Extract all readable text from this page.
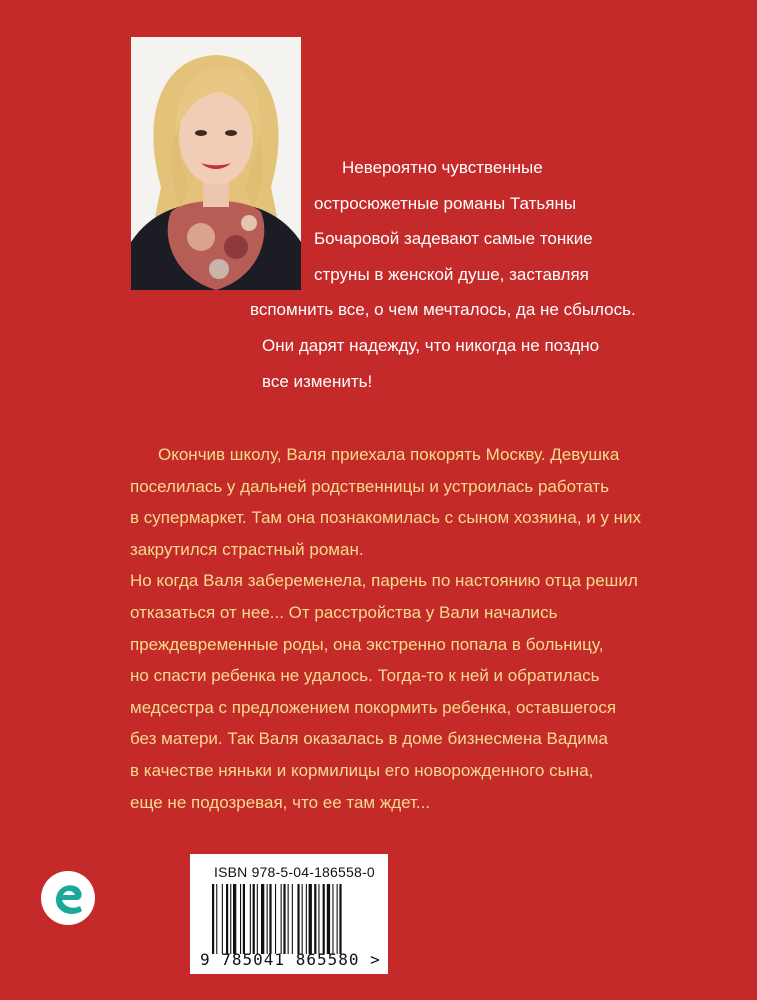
Невероятно чувственные
остросюжетные романы Татьяны
Бочаровой задевают самые тонкие
струны в женской душе, заставляя
вспомнить все, о чем мечталось, да не сбылось.
Они дарят надежду, что никогда не поздно
все изменить!
Окончив школу, Валя приехала покорять Москву. Девушка
поселилась у дальней родственницы и устроилась работать
в супермаркет. Там она познакомилась с сыном хозяина, и у них
закрутился страстный роман.
Но когда Валя забеременела, парень по настоянию отца решил
отказаться от нее... От расстройства у Вали начались
преждевременные роды, она экстренно попала в больницу,
но спасти ребенка не удалось. Тогда-то к ней и обратилась
медсестра с предложением покормить ребенка, оставшегося
без матери. Так Валя оказалась в доме бизнесмена Вадима
в качестве няньки и кормилицы его новорожденного сына,
еще не подозревая, что ее там ждет...
ISBN 978-5-04-186558-0
9 785041 865580 >
